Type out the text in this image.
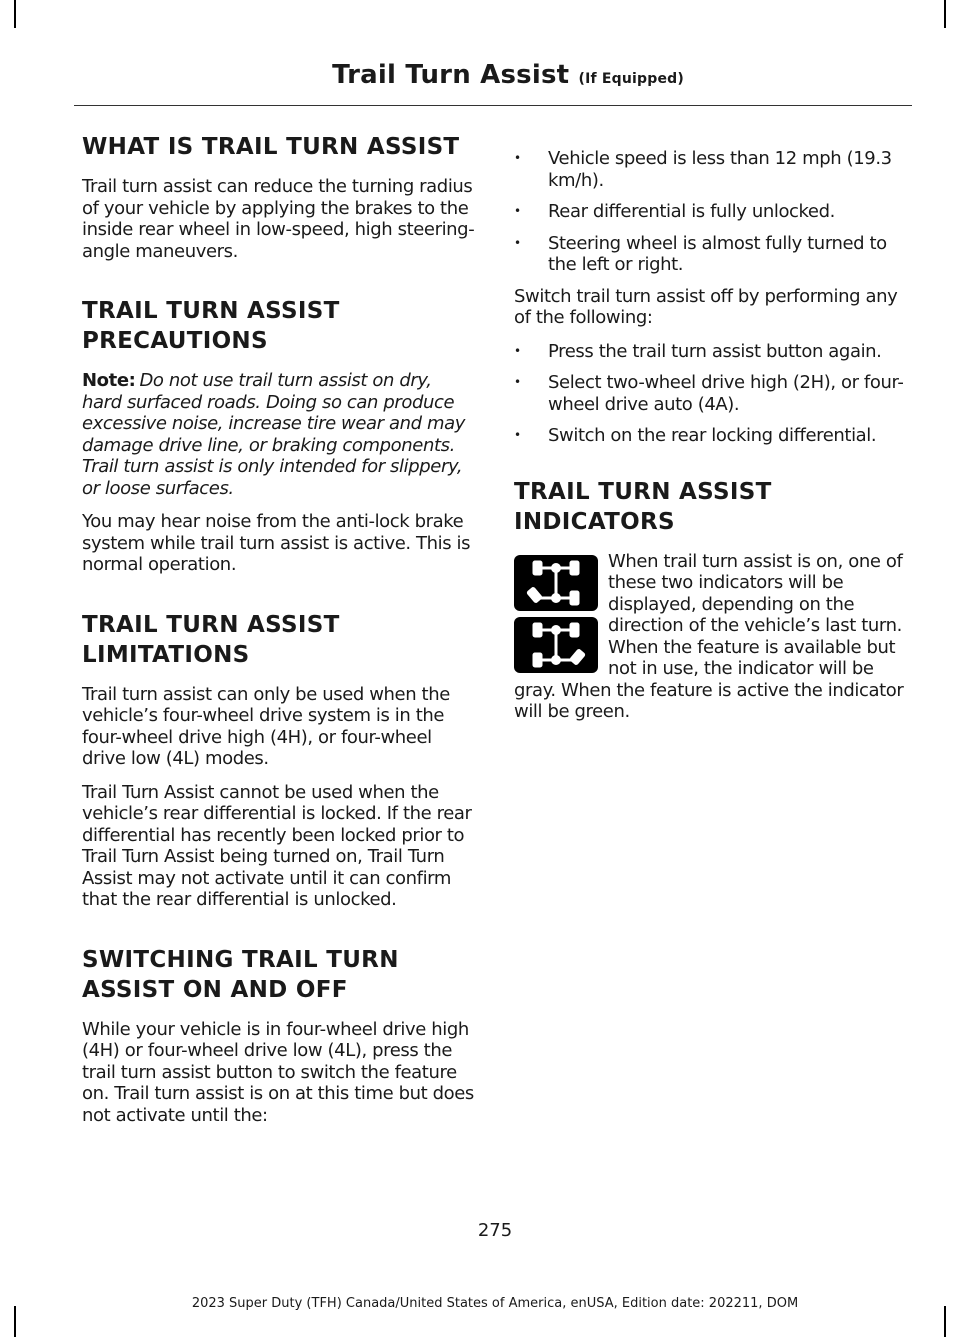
Trail Turn Assist (If Equipped)
WHAT IS TRAIL TURN ASSIST

Trail turn assist can reduce the turning radius of your vehicle by applying the brakes to the inside rear wheel in low-speed, high steering-angle maneuvers.

TRAIL TURN ASSIST
PRECAUTIONS

Note: Do not use trail turn assist on dry, hard surfaced roads. Doing so can produce excessive noise, increase tire wear and may damage drive line, or braking components. Trail turn assist is only intended for slippery, or loose surfaces.

You may hear noise from the anti-lock brake system while trail turn assist is active. This is normal operation.

TRAIL TURN ASSIST
LIMITATIONS

Trail turn assist can only be used when the vehicle’s four-wheel drive system is in the four-wheel drive high (4H), or four-wheel drive low (4L) modes.

Trail Turn Assist cannot be used when the vehicle’s rear differential is locked. If the rear differential has recently been locked prior to Trail Turn Assist being turned on, Trail Turn Assist may not activate until it can confirm that the rear differential is unlocked.

SWITCHING TRAIL TURN
ASSIST ON AND OFF

While your vehicle is in four-wheel drive high (4H) or four-wheel drive low (4L), press the trail turn assist button to switch the feature on. Trail turn assist is on at this time but does not activate until the:

• Vehicle speed is less than 12 mph (19.3 km/h).
• Rear differential is fully unlocked.
• Steering wheel is almost fully turned to the left or right.

Switch trail turn assist off by performing any of the following:

• Press the trail turn assist button again.
• Select two-wheel drive high (2H), or four-wheel drive auto (4A).
• Switch on the rear locking differential.
TRAIL TURN ASSIST
INDICATORS

When trail turn assist is on, one of these two indicators will be displayed, depending on the direction of the vehicle’s last turn. When the feature is available but not in use, the indicator will be gray. When the feature is active the indicator will be green.

275
2023 Super Duty (TFH) Canada/United States of America, enUSA, Edition date: 202211, DOM
